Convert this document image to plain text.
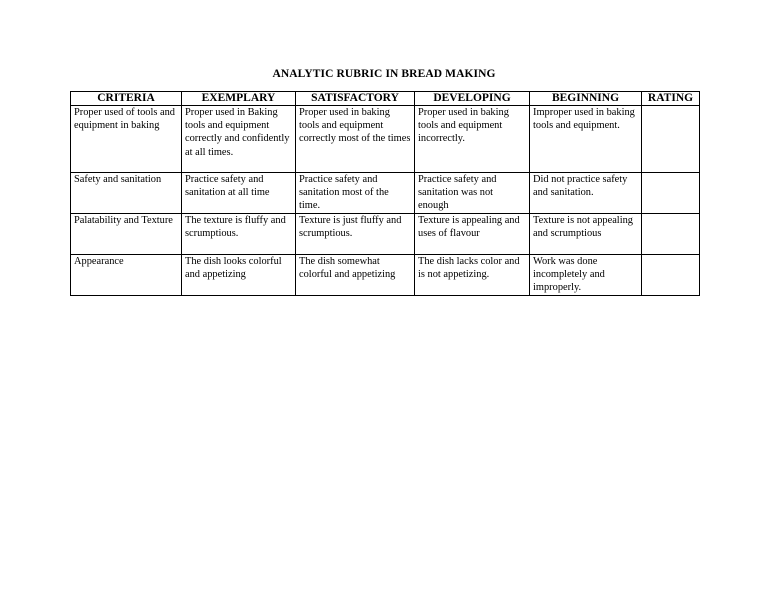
ANALYTIC RUBRIC IN BREAD MAKING
CRITERIA	EXEMPLARY	SATISFACTORY	DEVELOPING	BEGINNING	RATING
Proper used of tools and equipment in baking	Proper used in Baking tools and equipment correctly and confidently at all times.	Proper used in baking tools and equipment correctly most of the times	Proper used in baking tools and equipment incorrectly.	Improper used in baking tools and equipment.	
Safety and sanitation	Practice safety and sanitation at all time	Practice safety and sanitation most of the time.	Practice safety and sanitation was not enough	Did not practice safety and sanitation.	
Palatability and Texture	The texture is fluffy and scrumptious.	Texture is just fluffy and scrumptious.	Texture is appealing and uses of flavour	Texture is not appealing and scrumptious	
Appearance	The dish looks colorful and appetizing	The dish somewhat colorful and appetizing	The dish lacks color and is not appetizing.	Work was done incompletely and improperly.	
